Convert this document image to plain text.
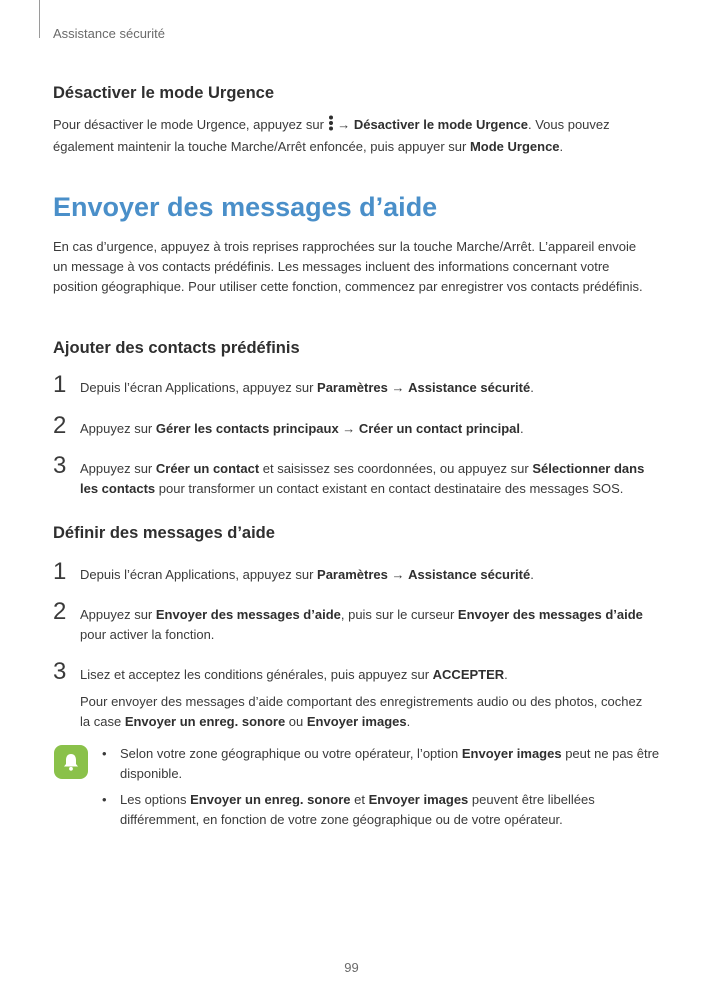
Assistance sécurité
Désactiver le mode Urgence
Pour désactiver le mode Urgence, appuyez sur  → Désactiver le mode Urgence. Vous pouvez également maintenir la touche Marche/Arrêt enfoncée, puis appuyer sur Mode Urgence.
Envoyer des messages d’aide
En cas d’urgence, appuyez à trois reprises rapprochées sur la touche Marche/Arrêt. L’appareil envoie un message à vos contacts prédéfinis. Les messages incluent des informations concernant votre position géographique. Pour utiliser cette fonction, commencez par enregistrer vos contacts prédéfinis.
Ajouter des contacts prédéfinis
1 Depuis l’écran Applications, appuyez sur Paramètres → Assistance sécurité.
2 Appuyez sur Gérer les contacts principaux → Créer un contact principal.
3 Appuyez sur Créer un contact et saisissez ses coordonnées, ou appuyez sur Sélectionner dans les contacts pour transformer un contact existant en contact destinataire des messages SOS.
Définir des messages d’aide
1 Depuis l’écran Applications, appuyez sur Paramètres → Assistance sécurité.
2 Appuyez sur Envoyer des messages d’aide, puis sur le curseur Envoyer des messages d’aide pour activer la fonction.
3 Lisez et acceptez les conditions générales, puis appuyez sur ACCEPTER.
Pour envoyer des messages d’aide comportant des enregistrements audio ou des photos, cochez la case Envoyer un enreg. sonore ou Envoyer images.
• Selon votre zone géographique ou votre opérateur, l’option Envoyer images peut ne pas être disponible.
• Les options Envoyer un enreg. sonore et Envoyer images peuvent être libellées différemment, en fonction de votre zone géographique ou de votre opérateur.
99
